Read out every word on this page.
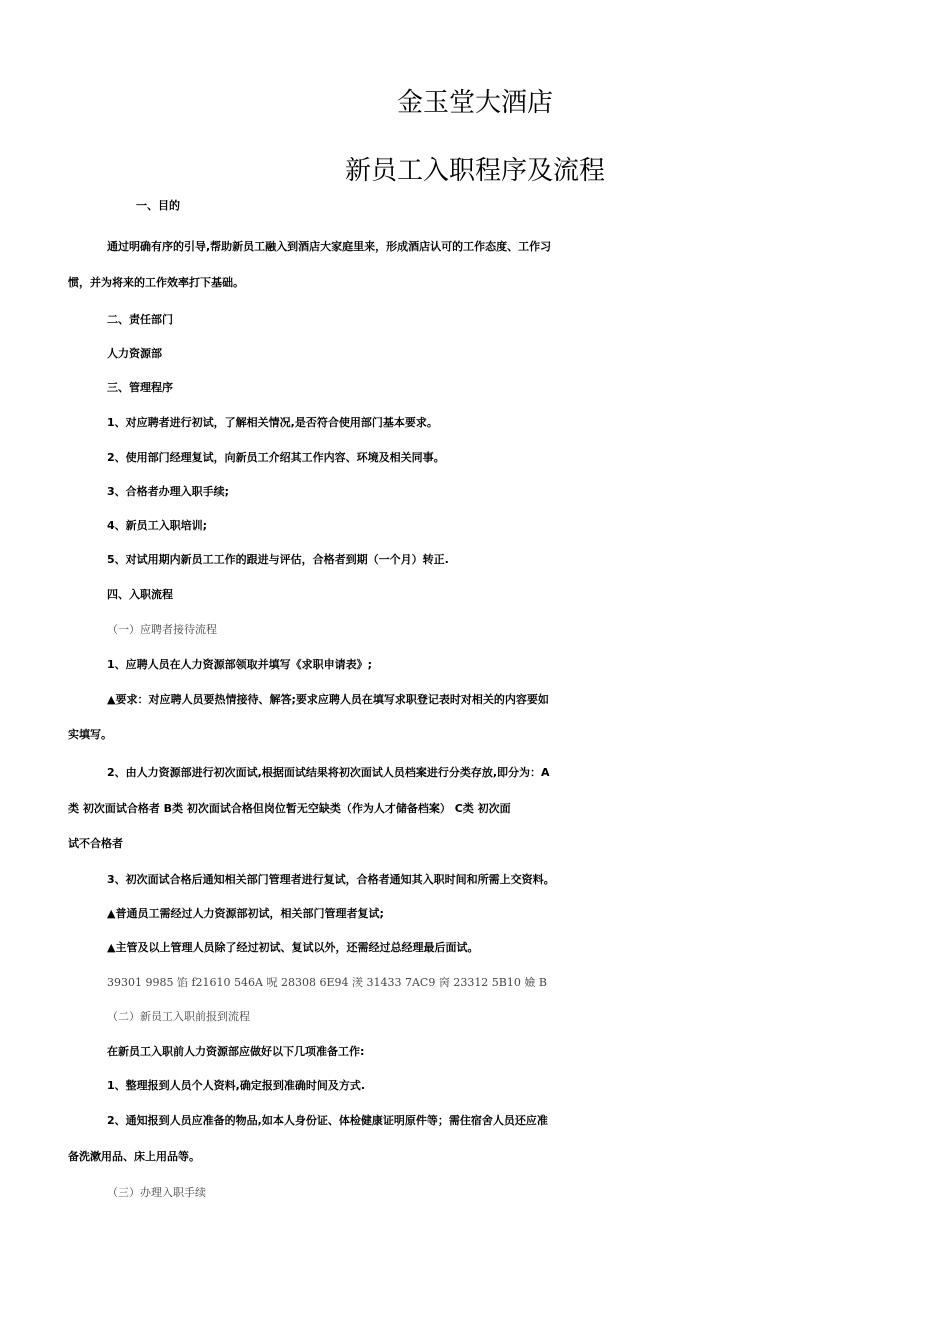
金玉堂大酒店
新员工入职程序及流程
一、目的
通过明确有序的引导,帮助新员工融入到酒店大家庭里来，形成酒店认可的工作态度、工作习
惯，并为将来的工作效率打下基础。
二、责任部门
人力资源部
三、管理程序
1、对应聘者进行初试，了解相关情况,是否符合使用部门基本要求。
2、使用部门经理复试，向新员工介绍其工作内容、环境及相关同事。
3、合格者办理入职手续;
4、新员工入职培训;
5、对试用期内新员工工作的跟进与评估，合格者到期（一个月）转正.
四、入职流程
（一）应聘者接待流程
1、应聘人员在人力资源部领取并填写《求职申请表》;
▲要求：对应聘人员要热情接待、解答;要求应聘人员在填写求职登记表时对相关的内容要如
实填写。
2、由人力资源部进行初次面试,根据面试结果将初次面试人员档案进行分类存放,即分为：A
类 初次面试合格者 B类 初次面试合格但岗位暂无空缺类（作为人才储备档案） C类 初次面
试不合格者
3、初次面试合格后通知相关部门管理者进行复试，合格者通知其入职时间和所需上交资料。
▲普通员工需经过人力资源部初试，相关部门管理者复试;
▲主管及以上管理人员除了经过初试、复试以外，还需经过总经理最后面试。
39301 9985 馅 f21610 546A 呪 28308 6E94 湵 31433 7AC9 窉 23312 5B10 嬐 B
（二）新员工入职前报到流程
在新员工入职前人力资源部应做好以下几项准备工作:
1、整理报到人员个人资料,确定报到准确时间及方式.
2、通知报到人员应准备的物品,如本人身份证、体检健康证明原件等；需住宿舍人员还应准
备洗漱用品、床上用品等。
（三）办理入职手续
